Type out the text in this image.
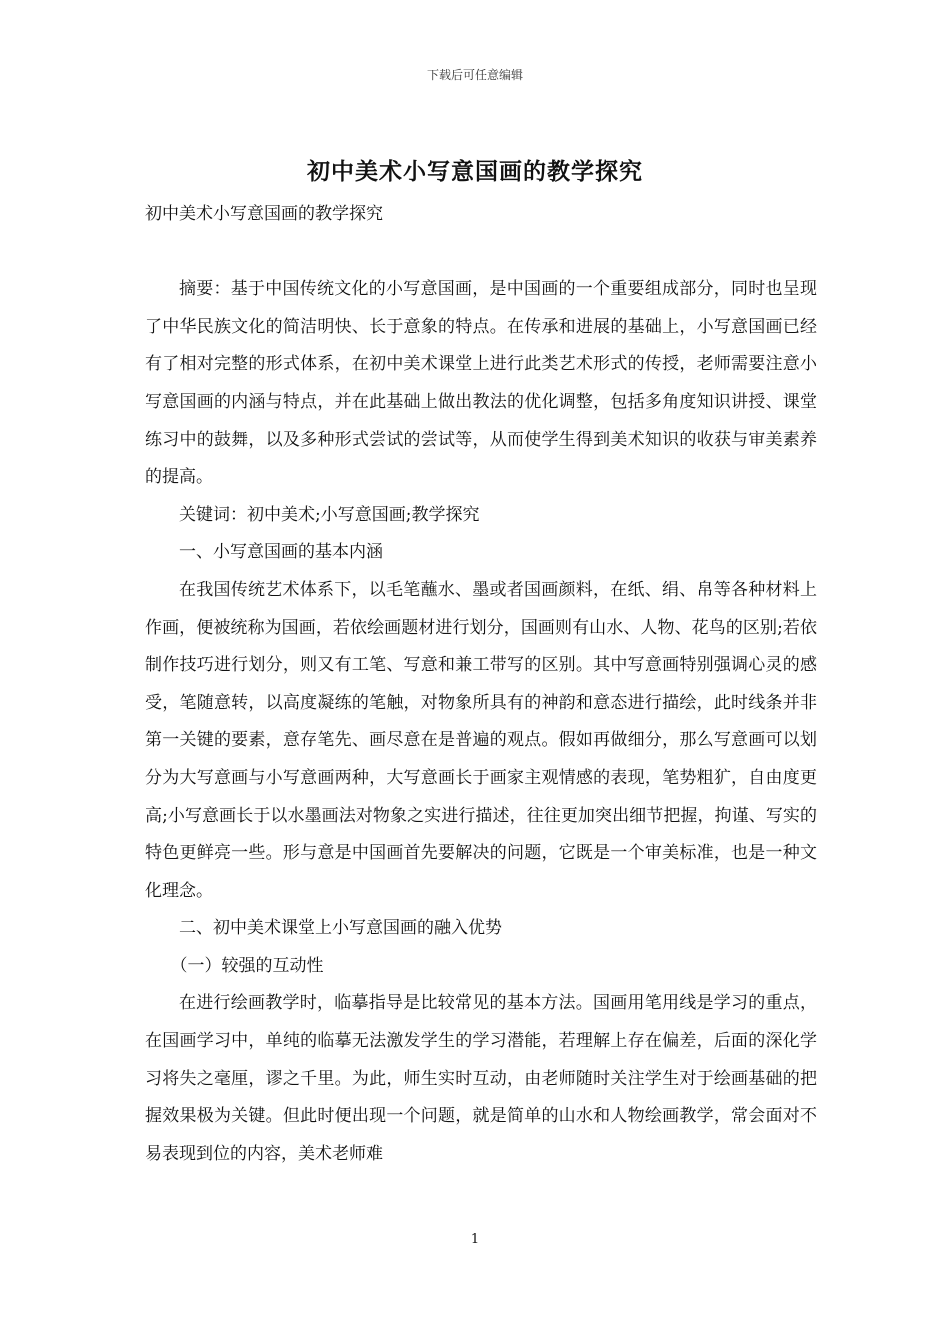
下载后可任意编辑
初中美术小写意国画的教学探究

初中美术小写意国画的教学探究

摘要：基于中国传统文化的小写意国画，是中国画的一个重要组成部分，同时也呈现了中华民族文化的简洁明快、长于意象的特点。在传承和进展的基础上，小写意国画已经有了相对完整的形式体系，在初中美术课堂上进行此类艺术形式的传授，老师需要注意小写意国画的内涵与特点，并在此基础上做出教法的优化调整，包括多角度知识讲授、课堂练习中的鼓舞，以及多种形式尝试的尝试等，从而使学生得到美术知识的收获与审美素养的提高。

关键词：初中美术;小写意国画;教学探究

一、小写意国画的基本内涵

在我国传统艺术体系下，以毛笔蘸水、墨或者国画颜料，在纸、绢、帛等各种材料上作画，便被统称为国画，若依绘画题材进行划分，国画则有山水、人物、花鸟的区别;若依制作技巧进行划分，则又有工笔、写意和兼工带写的区别。其中写意画特别强调心灵的感受，笔随意转，以高度凝练的笔触，对物象所具有的神韵和意态进行描绘，此时线条并非第一关键的要素，意存笔先、画尽意在是普遍的观点。假如再做细分，那么写意画可以划分为大写意画与小写意画两种，大写意画长于画家主观情感的表现，笔势粗犷，自由度更高;小写意画长于以水墨画法对物象之实进行描述，往往更加突出细节把握，拘谨、写实的特色更鲜亮一些。形与意是中国画首先要解决的问题，它既是一个审美标准，也是一种文化理念。

二、初中美术课堂上小写意国画的融入优势

（一）较强的互动性

在进行绘画教学时，临摹指导是比较常见的基本方法。国画用笔用线是学习的重点，在国画学习中，单纯的临摹无法激发学生的学习潜能，若理解上存在偏差，后面的深化学习将失之毫厘，谬之千里。为此，师生实时互动，由老师随时关注学生对于绘画基础的把握效果极为关键。但此时便出现一个问题，就是简单的山水和人物绘画教学，常会面对不易表现到位的内容，美术老师难

1
